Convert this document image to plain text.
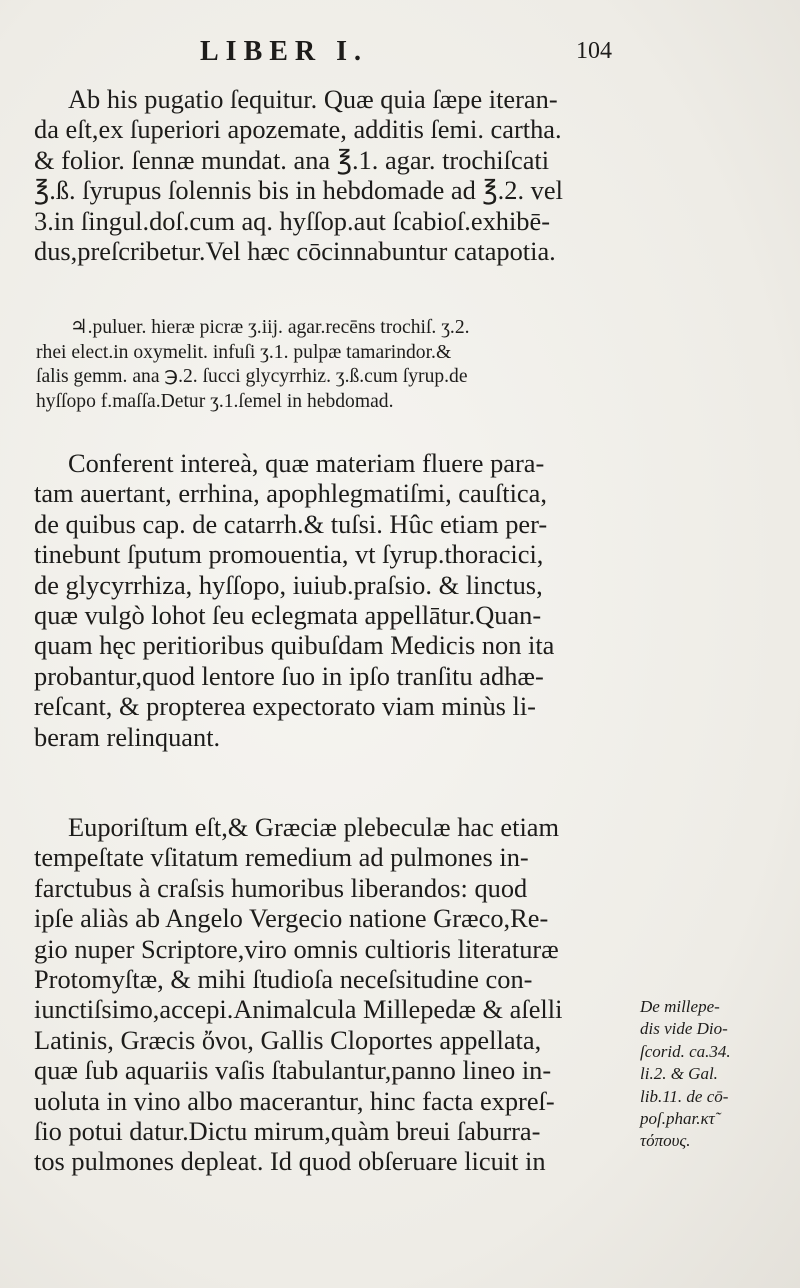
LIBER I.	104
Ab his pugatio ſequitur. Quæ quia ſæpe iteran-
da eſt,ex ſuperiori apozemate, additis ſemi. cartha.
& folior. ſennæ mundat. ana ℥.1. agar. trochiſcati
℥.ß. ſyrupus ſolennis bis in hebdomade ad ℥.2. vel
3.in ſingul.doſ.cum aq. hyſſop.aut ſcabioſ.exhibē-
dus,preſcribetur.Vel hæc cōcinnabuntur catapotia.
♃.puluer. hieræ picræ ʒ.iij. agar.recēns trochiſ. ʒ.2.
rhei elect.in oxymelit. infuſi ʒ.1. pulpæ tamarindor.&
ſalis gemm. ana ℈.2. ſucci glycyrrhiz. ʒ.ß.cum ſyrup.de
hyſſopo f.maſſa.Detur ʒ.1.ſemel in hebdomad.
Conferent intereà, quæ materiam fluere para-
tam auertant, errhina, apophlegmatiſmi, cauſtica,
de quibus cap. de catarrh.& tuſsi. Hûc etiam per-
tinebunt ſputum promouentia, vt ſyrup.thoracici,
de glycyrrhiza, hyſſopo, iuiub.praſsio. & linctus,
quæ vulgò lohot ſeu eclegmata appellātur.Quan-
quam hęc peritioribus quibuſdam Medicis non ita
probantur,quod lentore ſuo in ipſo tranſitu adhæ-
reſcant, & propterea expectorato viam minùs li-
beram relinquant.
Euporiſtum eſt,& Græciæ plebeculæ hac etiam
tempeſtate vſitatum remedium ad pulmones in-
farctubus à craſsis humoribus liberandos: quod
ipſe aliàs ab Angelo Vergecio natione Græco,Re-
gio nuper Scriptore,viro omnis cultioris literaturæ
Protomyſtæ, & mihi ſtudioſa neceſsitudine con-
iunctiſsimo,accepi.Animalcula Millepedæ & aſelli
Latinis, Græcis ὄνοι, Gallis Cloportes appellata,
quæ ſub aquariis vaſis ſtabulantur,panno lineo in-
uoluta in vino albo macerantur, hinc facta expreſ-
ſio potui datur.Dictu mirum,quàm breui ſaburra-
tos pulmones depleat. Id quod obſeruare licuit in
De millepe-
dis vide Dio-
ſcorid. ca.34.
li.2. & Gal.
lib.11. de cō-
poſ.phar.κτ̃
τόπους.
